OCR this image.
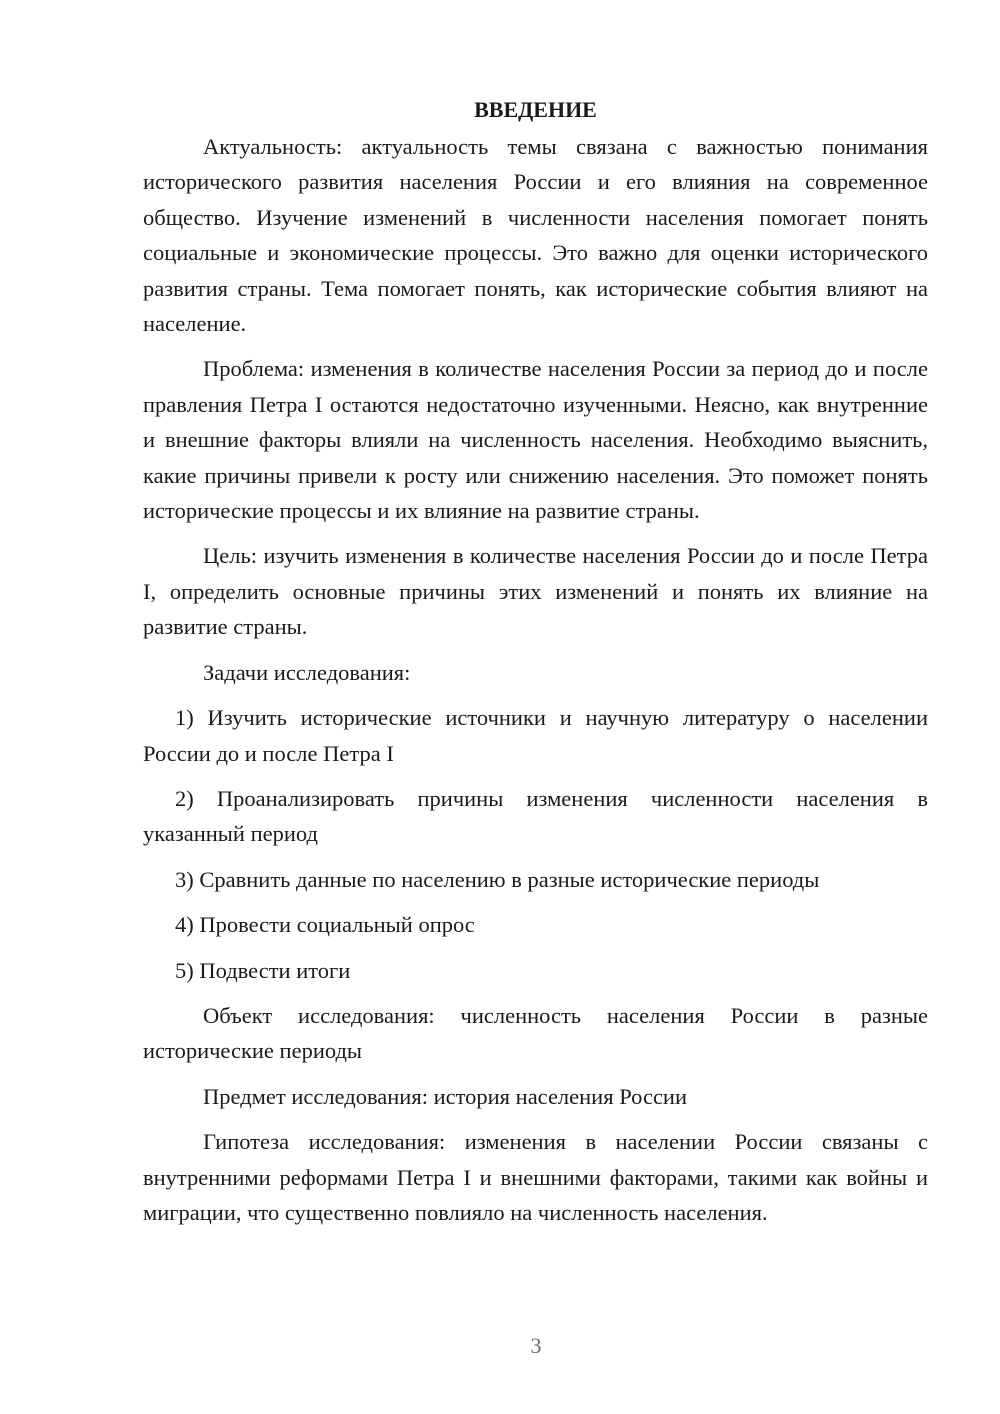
ВВЕДЕНИЕ

Актуальность: актуальность темы связана с важностью понимания исторического развития населения России и его влияния на современное общество. Изучение изменений в численности населения помогает понять социальные и экономические процессы. Это важно для оценки исторического развития страны. Тема помогает понять, как исторические события влияют на население.

Проблема: изменения в количестве населения России за период до и после правления Петра I остаются недостаточно изученными. Неясно, как внутренние и внешние факторы влияли на численность населения. Необходимо выяснить, какие причины привели к росту или снижению населения. Это поможет понять исторические процессы и их влияние на развитие страны.

Цель: изучить изменения в количестве населения России до и после Петра I, определить основные причины этих изменений и понять их влияние на развитие страны.

Задачи исследования:

1) Изучить исторические источники и научную литературу о населении России до и после Петра I

2) Проанализировать причины изменения численности населения в указанный период

3) Сравнить данные по населению в разные исторические периоды

4) Провести социальный опрос

5) Подвести итоги

Объект исследования: численность населения России в разные исторические периоды

Предмет исследования: история населения России

Гипотеза исследования: изменения в населении России связаны с внутренними реформами Петра I и внешними факторами, такими как войны и миграции, что существенно повлияло на численность населения.

3
